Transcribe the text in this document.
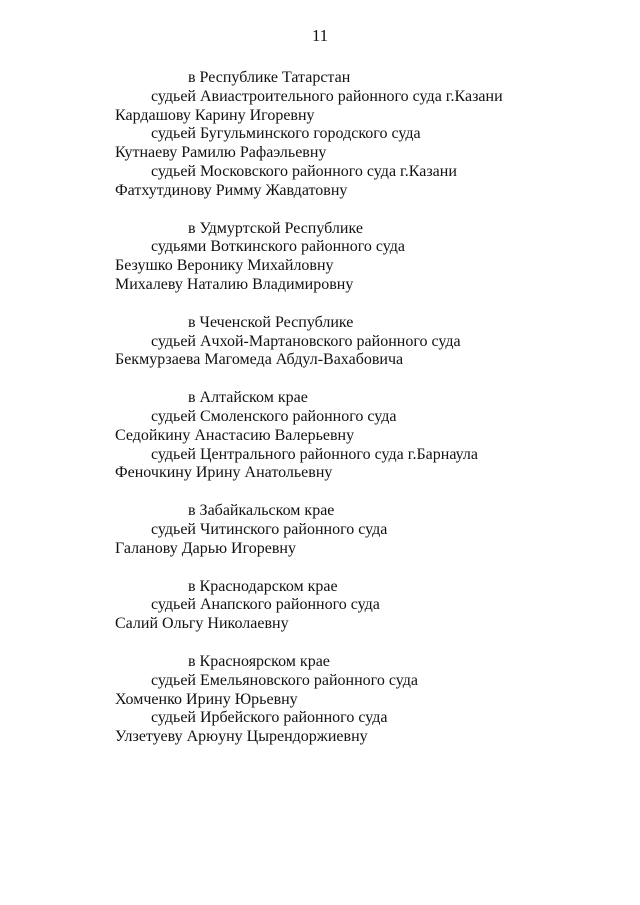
11
в Республике Татарстан
судьей Авиастроительного районного суда г.Казани
Кардашову Карину Игоревну
судьей Бугульминского городского суда
Кутнаеву Рамилю Рафаэльевну
судьей Московского районного суда г.Казани
Фатхутдинову Римму Жавдатовну
в Удмуртской Республике
судьями Воткинского районного суда
Безушко Веронику Михайловну
Михалеву Наталию Владимировну
в Чеченской Республике
судьей Ачхой-Мартановского районного суда
Бекмурзаева Магомеда Абдул-Вахабовича
в Алтайском крае
судьей Смоленского районного суда
Седойкину Анастасию Валерьевну
судьей Центрального районного суда г.Барнаула
Феночкину Ирину Анатольевну
в Забайкальском крае
судьей Читинского районного суда
Галанову Дарью Игоревну
в Краснодарском крае
судьей Анапского районного суда
Салий Ольгу Николаевну
в Красноярском крае
судьей Емельяновского районного суда
Хомченко Ирину Юрьевну
судьей Ирбейского районного суда
Улзетуеву Арюуну Цырендоржиевну
